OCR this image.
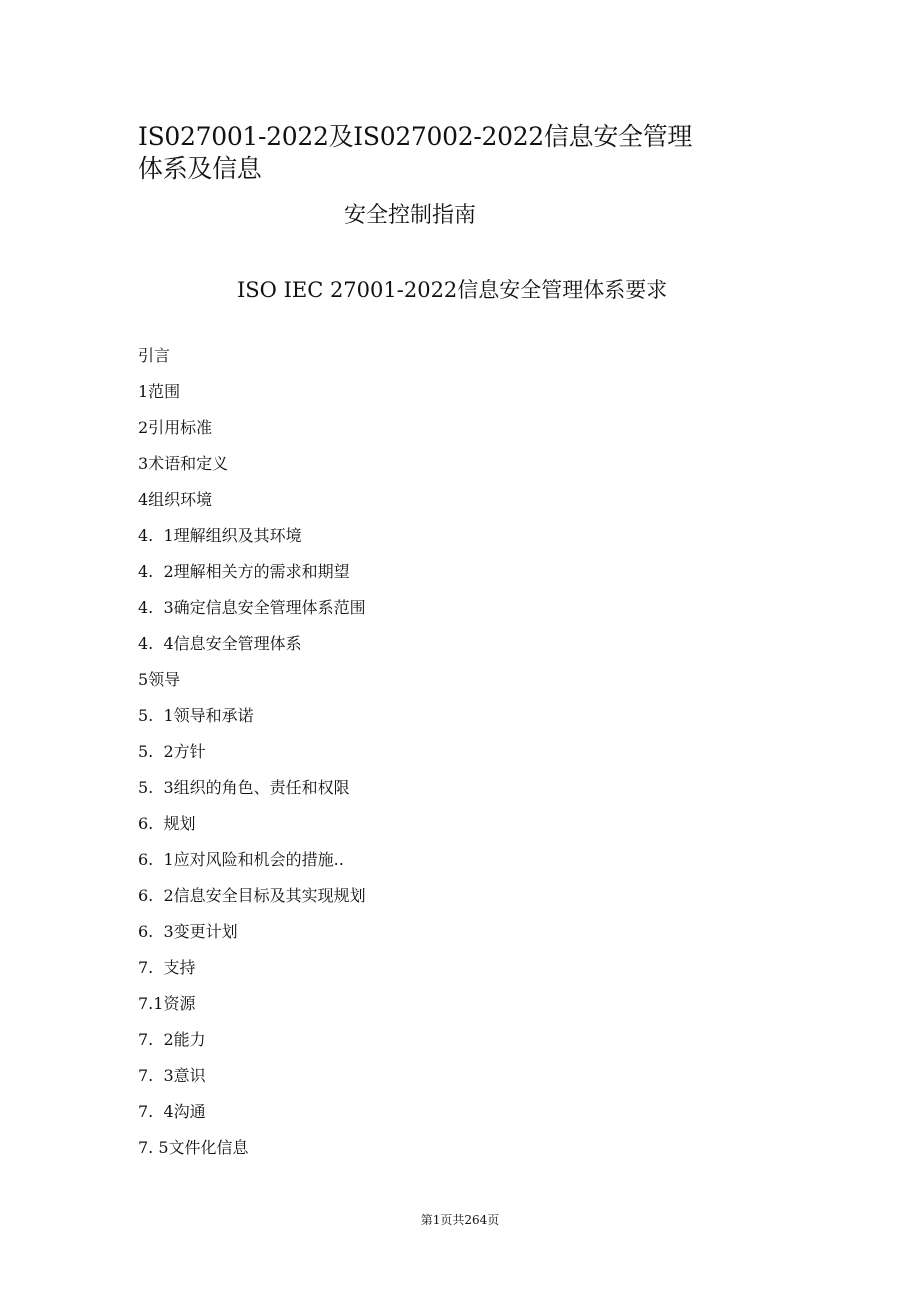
IS027001-2022及IS027002-2022信息安全管理体系及信息
安全控制指南
ISO IEC 27001-2022信息安全管理体系要求
引言
1范围
2引用标准
3术语和定义
4组织环境
4.  1理解组织及其环境
4.  2理解相关方的需求和期望
4.  3确定信息安全管理体系范围
4.  4信息安全管理体系
5领导
5.  1领导和承诺
5.  2方针
5.  3组织的角色、责任和权限
6.  规划
6.  1应对风险和机会的措施..
6.  2信息安全目标及其实现规划
6.  3变更计划
7.  支持
7.1资源
7.  2能力
7.  3意识
7.  4沟通
7. 5文件化信息
第1页共264页
